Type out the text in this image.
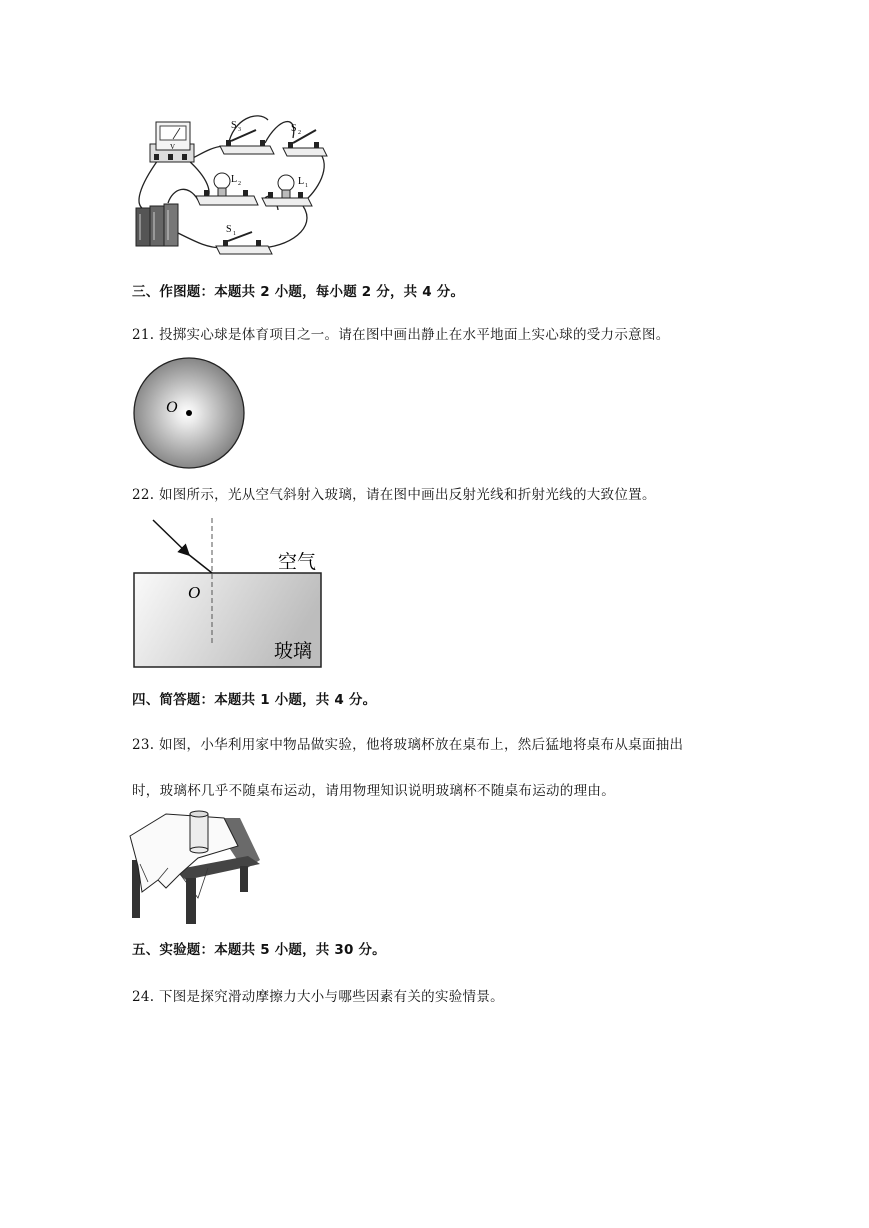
V
S 3	S 2
L 2	L 1
S 1
三、作图题：本题共 2 小题，每小题 2 分，共 4 分。
21. 投掷实心球是体育项目之一。请在图中画出静止在水平地面上实心球的受力示意图。
O
22. 如图所示，光从空气斜射入玻璃，请在图中画出反射光线和折射光线的大致位置。
空气
O
玻璃
四、简答题：本题共 1 小题，共 4 分。
23. 如图，小华利用家中物品做实验，他将玻璃杯放在桌布上，然后猛地将桌布从桌面抽出
时，玻璃杯几乎不随桌布运动，请用物理知识说明玻璃杯不随桌布运动的理由。
五、实验题：本题共 5 小题，共 30 分。
24. 下图是探究滑动摩擦力大小与哪些因素有关的实验情景。
